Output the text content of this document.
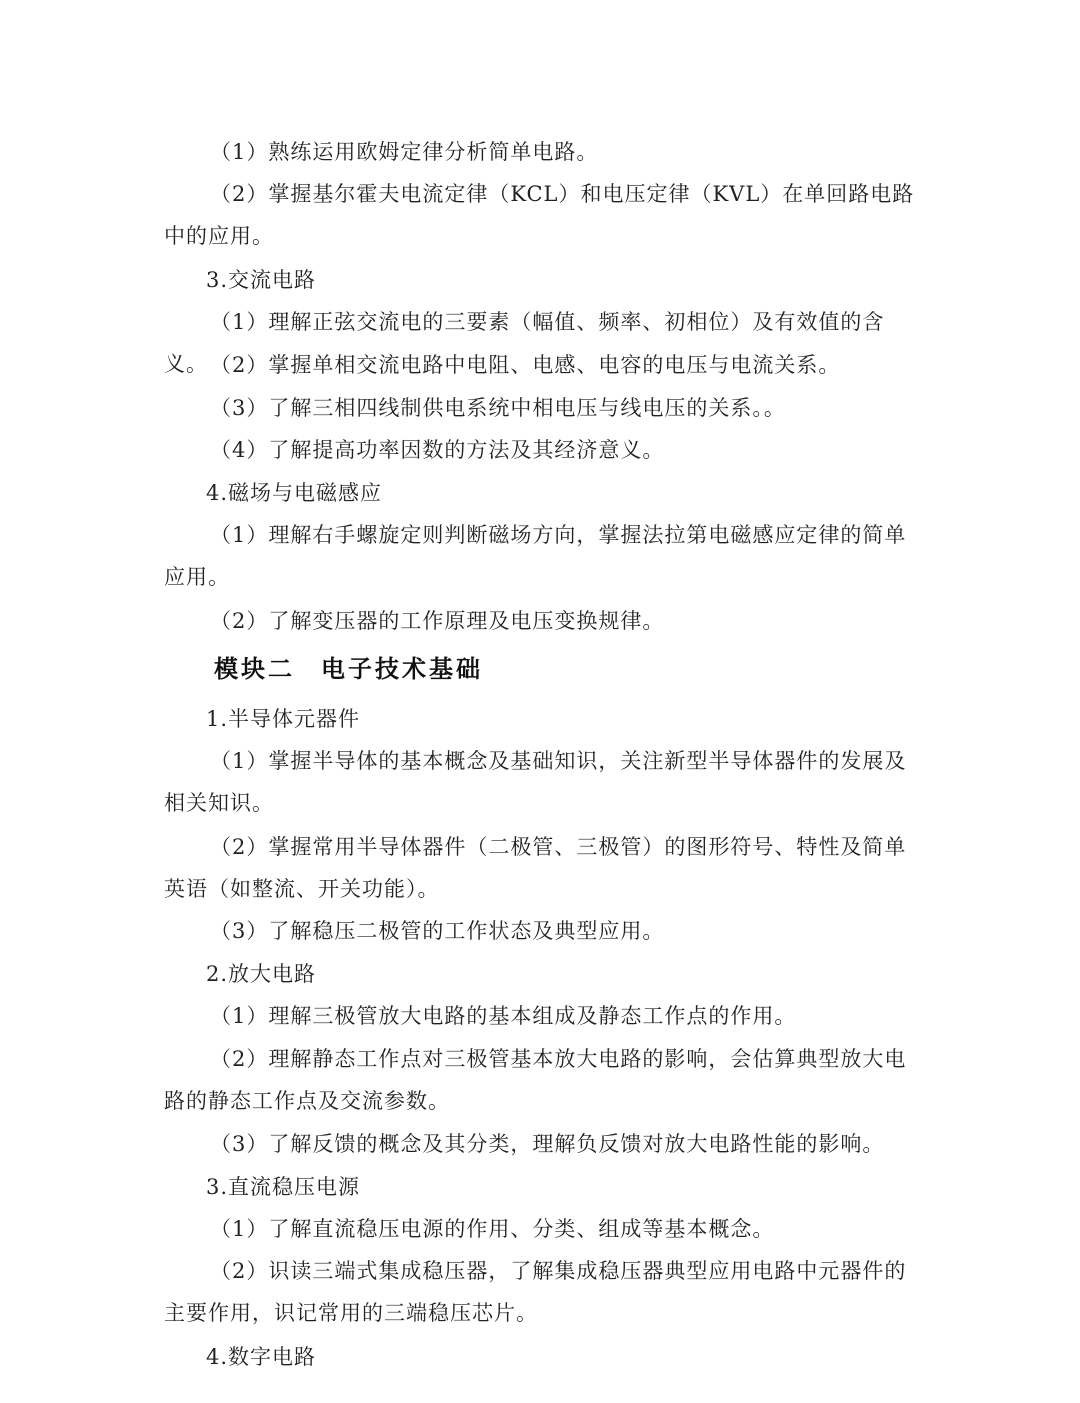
（1）熟练运用欧姆定律分析简单电路。

（2）掌握基尔霍夫电流定律（KCL）和电压定律（KVL）在单回路电路中的应用。

3.交流电路

（1）理解正弦交流电的三要素（幅值、频率、初相位）及有效值的含义。 （2）掌握单相交流电路中电阻、电感、电容的电压与电流关系。

（3）了解三相四线制供电系统中相电压与线电压的关系。。

（4）了解提高功率因数的方法及其经济意义。

4.磁场与电磁感应

（1）理解右手螺旋定则判断磁场方向，掌握法拉第电磁感应定律的简单应用。

（2）了解变压器的工作原理及电压变换规律。

模块二 电子技术基础

1.半导体元器件

（1）掌握半导体的基本概念及基础知识，关注新型半导体器件的发展及相关知识。

（2）掌握常用半导体器件（二极管、三极管）的图形符号、特性及简单英语（如整流、开关功能）。

（3）了解稳压二极管的工作状态及典型应用。

2.放大电路

（1）理解三极管放大电路的基本组成及静态工作点的作用。

（2）理解静态工作点对三极管基本放大电路的影响，会估算典型放大电路的静态工作点及交流参数。

（3）了解反馈的概念及其分类，理解负反馈对放大电路性能的影响。

3.直流稳压电源

（1）了解直流稳压电源的作用、分类、组成等基本概念。

（2）识读三端式集成稳压器，了解集成稳压器典型应用电路中元器件的主要作用，识记常用的三端稳压芯片。

4.数字电路
